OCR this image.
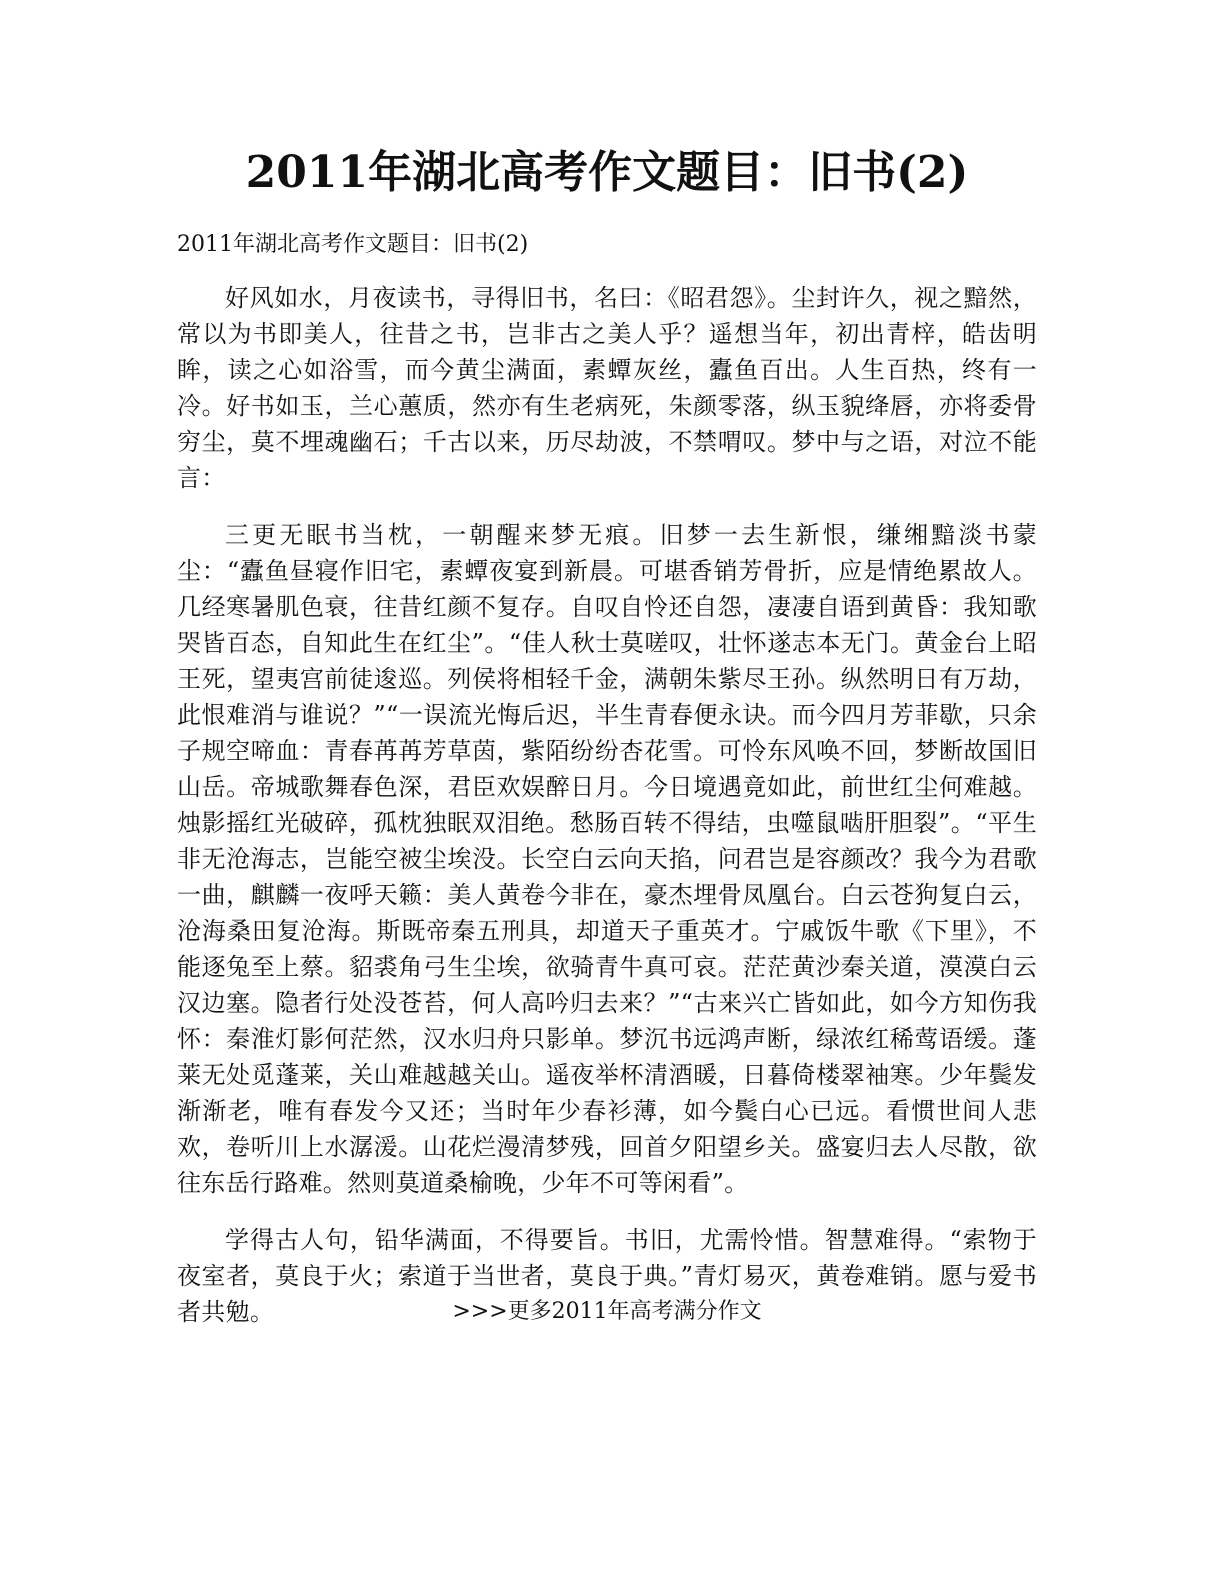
2011年湖北高考作文题目：旧书(2)

2011年湖北高考作文题目：旧书(2)

好风如水，月夜读书，寻得旧书，名曰：《昭君怨》。尘封许久，视之黯然，常以为书即美人，往昔之书，岂非古之美人乎？遥想当年，初出青梓，皓齿明眸，读之心如浴雪，而今黄尘满面，素蟫灰丝，蠹鱼百出。人生百热，终有一冷。好书如玉，兰心蕙质，然亦有生老病死，朱颜零落，纵玉貌绛唇，亦将委骨穷尘，莫不埋魂幽石；千古以来，历尽劫波，不禁喟叹。梦中与之语，对泣不能言：

三更无眠书当枕，一朝醒来梦无痕。旧梦一去生新恨，缣缃黯淡书蒙尘：“蠹鱼昼寝作旧宅，素蟫夜宴到新晨。可堪香销芳骨折，应是情绝累故人。几经寒暑肌色衰，往昔红颜不复存。自叹自怜还自怨，凄凄自语到黄昏：我知歌哭皆百态，自知此生在红尘”。“佳人秋士莫嗟叹，壮怀遂志本无门。黄金台上昭王死，望夷宫前徒逡巡。列侯将相轻千金，满朝朱紫尽王孙。纵然明日有万劫，此恨难消与谁说？”“一误流光悔后迟，半生青春便永诀。而今四月芳菲歇，只余子规空啼血：青春苒苒芳草茵，紫陌纷纷杏花雪。可怜东风唤不回，梦断故国旧山岳。帝城歌舞春色深，君臣欢娱醉日月。今日境遇竟如此，前世红尘何难越。烛影摇红光破碎，孤枕独眠双泪绝。愁肠百转不得结，虫噬鼠啮肝胆裂”。“平生非无沧海志，岂能空被尘埃没。长空白云向天掐，问君岂是容颜改？我今为君歌一曲，麒麟一夜呼天籁：美人黄卷今非在，豪杰埋骨凤凰台。白云苍狗复白云，沧海桑田复沧海。斯既帝秦五刑具，却道天子重英才。宁戚饭牛歌《下里》，不能逐兔至上蔡。貂裘角弓生尘埃，欲骑青牛真可哀。茫茫黄沙秦关道，漠漠白云汉边塞。隐者行处没苍苔，何人高吟归去来？”“古来兴亡皆如此，如今方知伤我怀：秦淮灯影何茫然，汉水归舟只影单。梦沉书远鸿声断，绿浓红稀莺语缓。蓬莱无处觅蓬莱，关山难越越关山。遥夜举杯清酒暖，日暮倚楼翠袖寒。少年鬓发渐渐老，唯有春发今又还；当时年少春衫薄，如今鬓白心已远。看惯世间人悲欢，卷听川上水潺湲。山花烂漫清梦残，回首夕阳望乡关。盛宴归去人尽散，欲往东岳行路难。然则莫道桑榆晚，少年不可等闲看”。

学得古人句，铅华满面，不得要旨。书旧，尤需怜惜。智慧难得。“索物于夜室者，莫良于火；索道于当世者，莫良于典。”青灯易灭，黄卷难销。愿与爱书者共勉。	>>>更多2011年高考满分作文
